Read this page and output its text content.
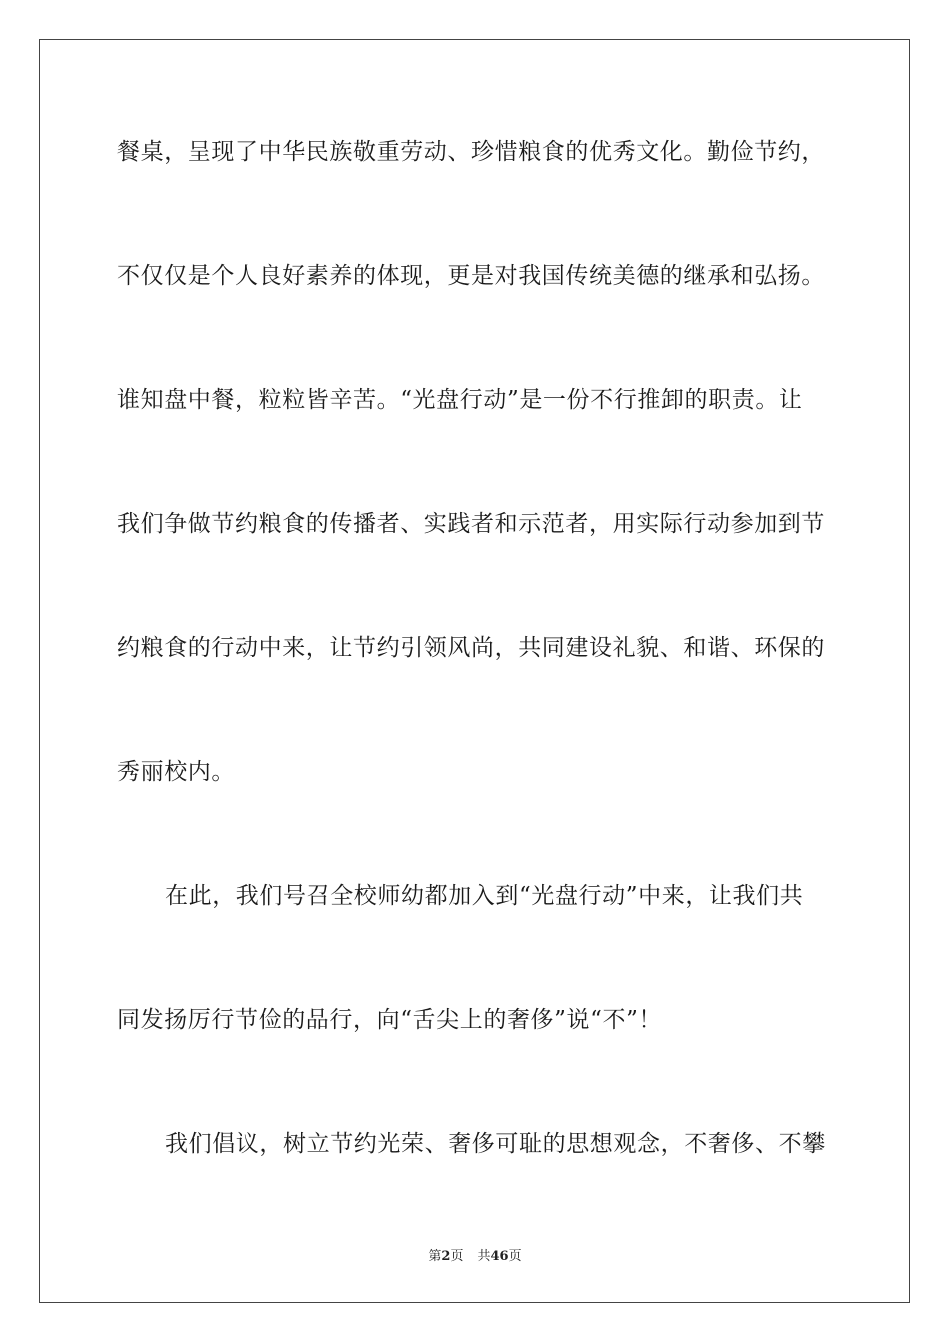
餐桌，呈现了中华民族敬重劳动、珍惜粮食的优秀文化。勤俭节约，
不仅仅是个人良好素养的体现，更是对我国传统美德的继承和弘扬。
谁知盘中餐，粒粒皆辛苦。“光盘行动”是一份不行推卸的职责。让
我们争做节约粮食的传播者、实践者和示范者，用实际行动参加到节
约粮食的行动中来，让节约引领风尚，共同建设礼貌、和谐、环保的
秀丽校内。
在此，我们号召全校师幼都加入到“光盘行动”中来，让我们共
同发扬厉行节俭的品行，向“舌尖上的奢侈”说“不”！
我们倡议，树立节约光荣、奢侈可耻的思想观念，不奢侈、不攀
第2页 共46页
